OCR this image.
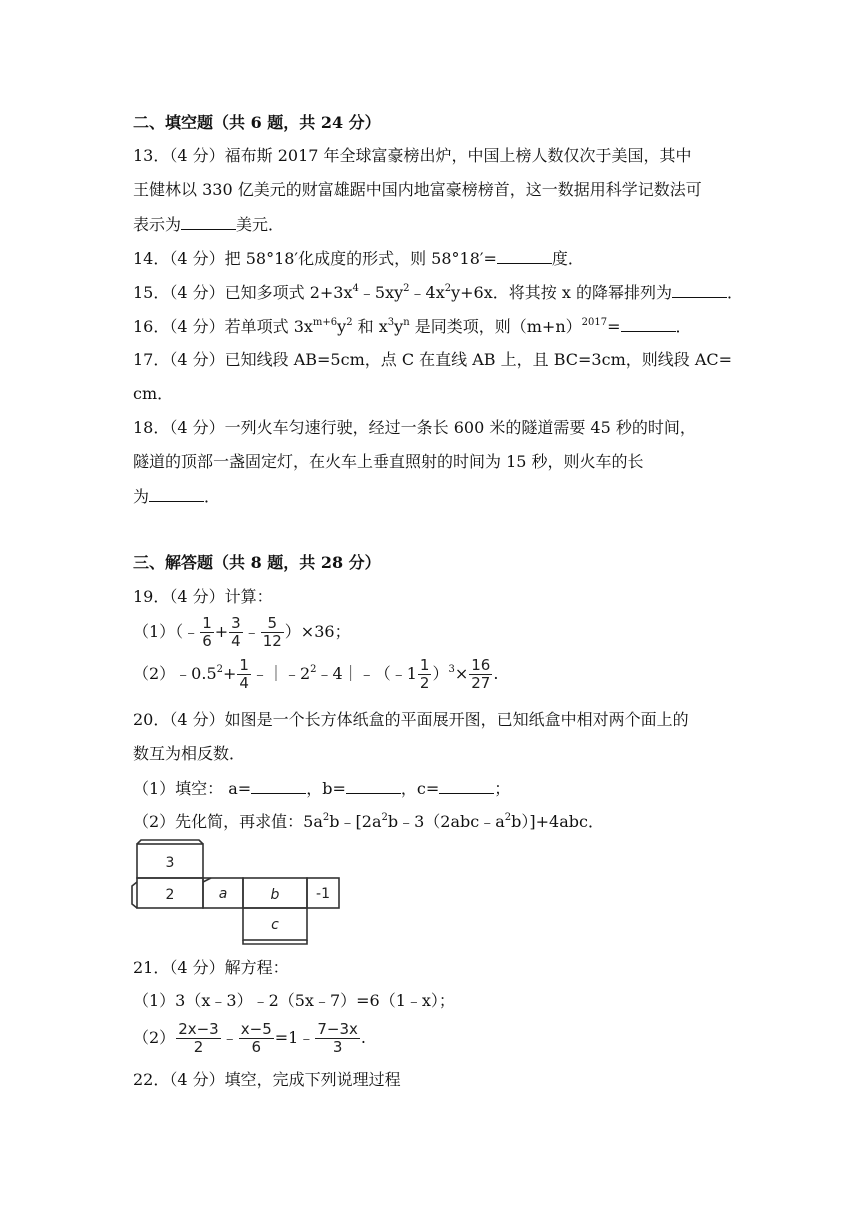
二、填空题（共 6 题，共 24 分）
13．（4 分）福布斯 2017 年全球富豪榜出炉，中国上榜人数仅次于美国，其中
王健林以 330 亿美元的财富雄踞中国内地富豪榜榜首，这一数据用科学记数法可
表示为	美元．
14．（4 分）把 58°18′化成度的形式，则 58°18′=	度．
15．（4 分）已知多项式 $2+3x^4﹣5xy^2﹣4x^2y+6x$．将其按 x 的降幂排列为	．
16．（4 分）若单项式 $3x^{m+6}y^2$ 和 $x^3y^n$ 是同类项，则$(m+n)^{2017}=$	．
17．（4 分）已知线段 AB=5cm，点 C 在直线 AB 上，且 BC=3cm，则线段 AC=
cm．
18．（4 分）一列火车匀速行驶，经过一条长 600 米的隧道需要 45 秒的时间，
隧道的顶部一盏固定灯，在火车上垂直照射的时间为 15 秒，则火车的长
为	．
三、解答题（共 8 题，共 28 分）
19．（4 分）计算：
（1）（﹣ $\frac{1}{6} + \frac{3}{4}$ ﹣ $\frac{5}{12} )\times 36$；
$(2)﹣0.5^2+ \frac{1}{4}$ $﹣|﹣2^2﹣4|﹣(﹣1 \frac{1}{2} )^3\times \frac{16}{27}$ .
20．（4 分）如图是一个长方体纸盒的平面展开图，已知纸盒中相对两个面上的
数互为相反数．
（1）填空： a=	，b=	，c=	；
（2）先化简，再求值：$5a^2b﹣[2a^2b﹣3(2abc﹣a^2b)]+4abc$．
3
2	a	b	-1
c
21．（4 分）解方程：
（1）3（x﹣3）﹣2（5x﹣7）=6（1﹣x）；
$(2) \frac{2x-3}{2}$ ﹣ $\frac{x-5}{6}$ =1﹣ $\frac{7-3x}{3}$ .
22．（4 分）填空，完成下列说理过程
